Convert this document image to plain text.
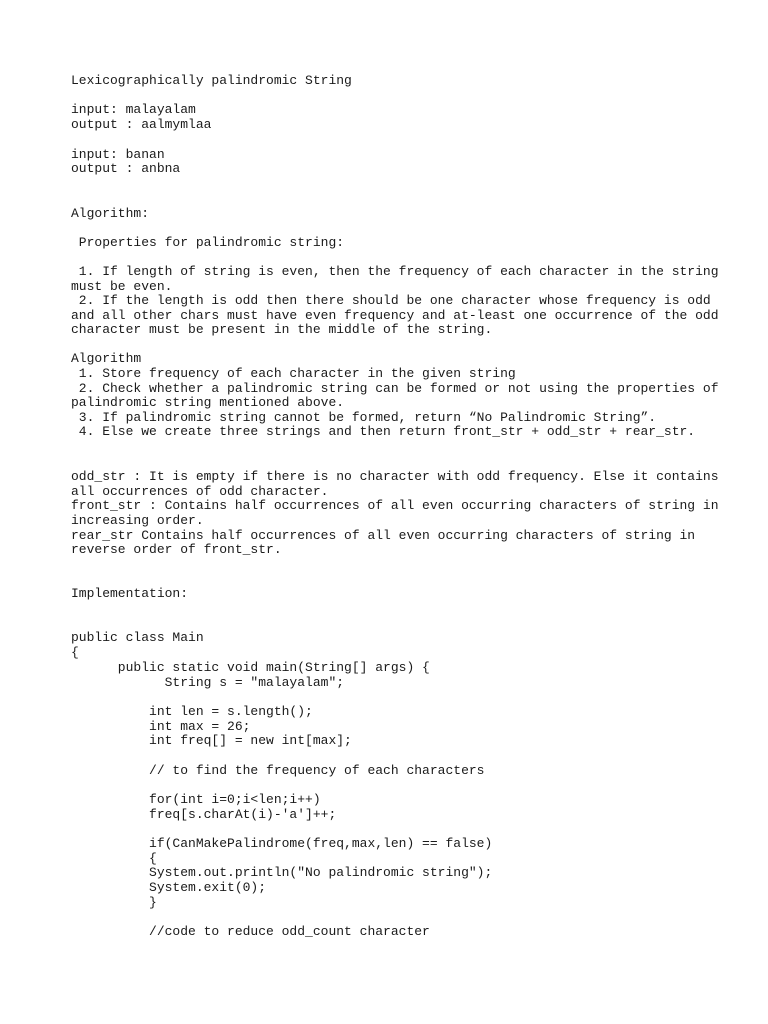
Lexicographically palindromic String
input: malayalam
output : aalmymlaa
input: banan
output : anbna
Algorithm:
Properties for palindromic string:
1. If length of string is even, then the frequency of each character in the string
must be even.
2. If the length is odd then there should be one character whose frequency is odd
and all other chars must have even frequency and at-least one occurrence of the odd
character must be present in the middle of the string.
Algorithm
1. Store frequency of each character in the given string
2. Check whether a palindromic string can be formed or not using the properties of
palindromic string mentioned above.
3. If palindromic string cannot be formed, return “No Palindromic String”.
4. Else we create three strings and then return front_str + odd_str + rear_str.
odd_str : It is empty if there is no character with odd frequency. Else it contains
all occurrences of odd character.
front_str : Contains half occurrences of all even occurring characters of string in
increasing order.
rear_str Contains half occurrences of all even occurring characters of string in
reverse order of front_str.
Implementation:
public class Main
{
public static void main(String[] args) {
String s = "malayalam";
int len = s.length();
int max = 26;
int freq[] = new int[max];
// to find the frequency of each characters
for(int i=0;i<len;i++)
freq[s.charAt(i)-'a']++;
if(CanMakePalindrome(freq,max,len) == false)
{
System.out.println("No palindromic string");
System.exit(0);
}
//code to reduce odd_count character
